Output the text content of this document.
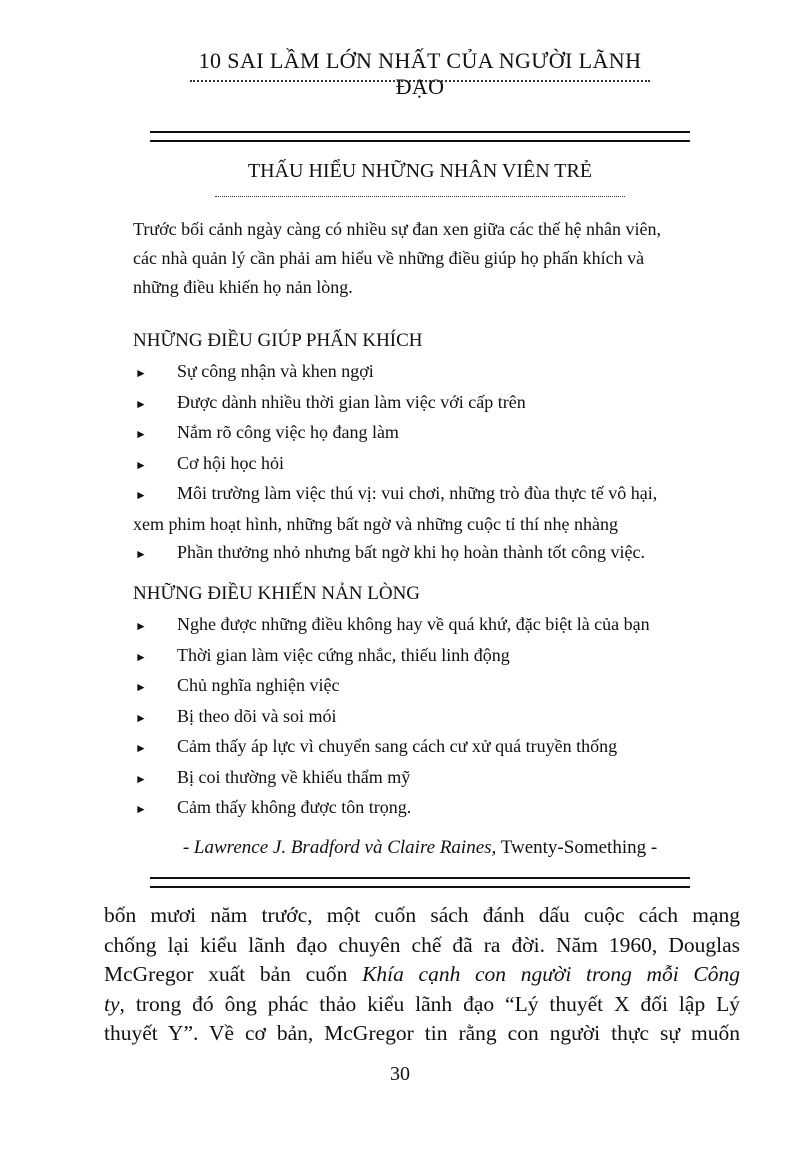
10 SAI LẦM LỚN NHẤT CỦA NGƯỜI LÃNH ĐẠO
THẤU HIỂU NHỮNG NHÂN VIÊN TRẺ
Trước bối cảnh ngày càng có nhiều sự đan xen giữa các thế hệ nhân viên,
các nhà quản lý cần phải am hiểu về những điều giúp họ phấn khích và
những điều khiến họ nản lòng.
NHỮNG ĐIỀU GIÚP PHẤN KHÍCH
►	Sự công nhận và khen ngợi
►	Được dành nhiều thời gian làm việc với cấp trên
►	Nắm rõ công việc họ đang làm
►	Cơ hội học hỏi
►	Môi trường làm việc thú vị: vui chơi, những trò đùa thực tế vô hại,
xem phim hoạt hình, những bất ngờ và những cuộc tỉ thí nhẹ nhàng
►	Phần thưởng nhỏ nhưng bất ngờ khi họ hoàn thành tốt công việc.
NHỮNG ĐIỀU KHIẾN NẢN LÒNG
►	Nghe được những điều không hay về quá khứ, đặc biệt là của bạn
►	Thời gian làm việc cứng nhắc, thiếu linh động
►	Chủ nghĩa nghiện việc
►	Bị theo dõi và soi mói
►	Cảm thấy áp lực vì chuyển sang cách cư xử quá truyền thống
►	Bị coi thường về khiếu thẩm mỹ
►	Cảm thấy không được tôn trọng.
- Lawrence J. Bradford và Claire Raines, Twenty-Something -
bốn mươi năm trước, một cuốn sách đánh dấu cuộc cách mạng
chống lại kiểu lãnh đạo chuyên chế đã ra đời. Năm 1960, Douglas
McGregor xuất bản cuốn Khía cạnh con người trong mỗi Công
ty, trong đó ông phác thảo kiểu lãnh đạo “Lý thuyết X đối lập Lý
thuyết Y”. Về cơ bản, McGregor tin rằng con người thực sự muốn
30
